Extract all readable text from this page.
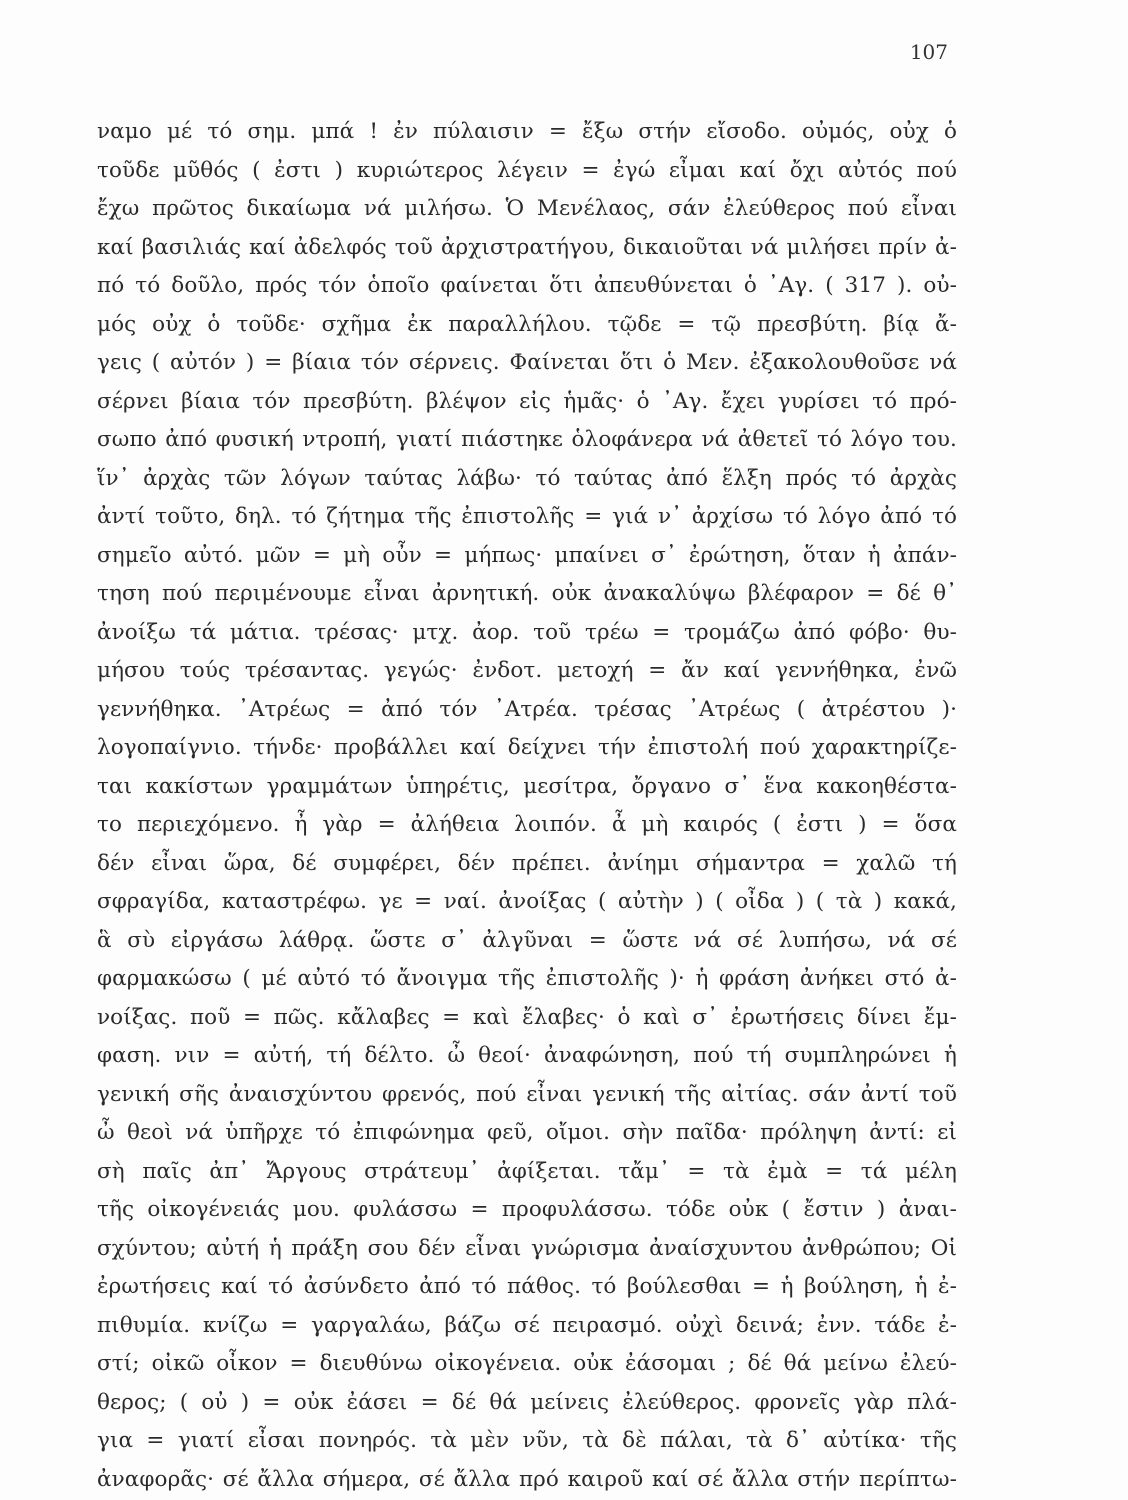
107
ναμο μέ τό σημ. μπά ! ἐν πύλαισιν = ἔξω στήν εἴσοδο. οὐμός, οὐχ ὁ
τοῦδε μῦθός ( ἐστι ) κυριώτερος λέγειν = ἐγώ εἶμαι καί ὄχι αὐτός πού
ἔχω πρῶτος δικαίωμα νά μιλήσω. Ὁ Μενέλαος, σάν ἐλεύθερος πού εἶναι
καί βασιλιάς καί ἀδελφός τοῦ ἀρχιστρατήγου, δικαιοῦται νά μιλήσει πρίν ἀ-
πό τό δοῦλο, πρός τόν ὁποῖο φαίνεται ὅτι ἀπευθύνεται ὁ ᾿Αγ. ( 317 ). οὐ-
μός οὐχ ὁ τοῦδε· σχῆμα ἐκ παραλλήλου. τῷδε = τῷ πρεσβύτη. βίᾳ ἄ-
γεις ( αὐτόν ) = βίαια τόν σέρνεις. Φαίνεται ὅτι ὁ Μεν. ἐξακολουθοῦσε νά
σέρνει βίαια τόν πρεσβύτη. βλέψον εἰς ἡμᾶς· ὁ ᾿Αγ. ἔχει γυρίσει τό πρό-
σωπο ἀπό φυσική ντροπή, γιατί πιάστηκε ὁλοφάνερα νά ἀθετεῖ τό λόγο του.
ἵν᾿ ἀρχὰς τῶν λόγων ταύτας λάβω· τό ταύτας ἀπό ἕλξη πρός τό ἀρχὰς
ἀντί τοῦτο, δηλ. τό ζήτημα τῆς ἐπιστολῆς = γιά ν᾿ ἀρχίσω τό λόγο ἀπό τό
σημεῖο αὐτό. μῶν = μὴ οὖν = μήπως· μπαίνει σ᾿ ἐρώτηση, ὅταν ἡ ἀπάν-
τηση πού περιμένουμε εἶναι ἀρνητική. οὐκ ἀνακαλύψω βλέφαρον = δέ θ᾿
ἀνοίξω τά μάτια. τρέσας· μτχ. ἀορ. τοῦ τρέω = τρομάζω ἀπό φόβο· θυ-
μήσου τούς τρέσαντας. γεγώς· ἐνδοτ. μετοχή = ἄν καί γεννήθηκα, ἐνῶ
γεννήθηκα. ᾿Ατρέως = ἀπό τόν ᾿Ατρέα. τρέσας ᾿Ατρέως ( ἀτρέστου )·
λογοπαίγνιο. τήνδε· προβάλλει καί δείχνει τήν ἐπιστολή πού χαρακτηρίζε-
ται κακίστων γραμμάτων ὑπηρέτις, μεσίτρα, ὄργανο σ᾿ ἕνα κακοηθέστα-
το περιεχόμενο. ἦ γὰρ = ἀλήθεια λοιπόν. ἆ μὴ καιρός ( ἐστι ) = ὅσα
δέν εἶναι ὥρα, δέ συμφέρει, δέν πρέπει. ἀνίημι σήμαντρα = χαλῶ τή
σφραγίδα, καταστρέφω. γε = ναί. ἀνοίξας ( αὐτὴν ) ( οἶδα ) ( τὰ ) κακά,
ἃ σὺ εἰργάσω λάθρᾳ. ὥστε σ᾿ ἀλγῦναι = ὥστε νά σέ λυπήσω, νά σέ
φαρμακώσω ( μέ αὐτό τό ἄνοιγμα τῆς ἐπιστολῆς )· ἡ φράση ἀνήκει στό ἀ-
νοίξας. ποῦ = πῶς. κἄλαβες = καὶ ἔλαβες· ὁ καὶ σ᾿ ἐρωτήσεις δίνει ἔμ-
φαση. νιν = αὐτή, τή δέλτο. ὦ θεοί· ἀναφώνηση, πού τή συμπληρώνει ἡ
γενική σῆς ἀναισχύντου φρενός, πού εἶναι γενική τῆς αἰτίας. σάν ἀντί τοῦ
ὦ θεοὶ νά ὑπῆρχε τό ἐπιφώνημα φεῦ, οἴμοι. σὴν παῖδα· πρόληψη ἀντί: εἰ
σὴ παῖς ἀπ᾿ Ἄργους στράτευμ᾿ ἀφίξεται. τἄμ᾿ = τὰ ἐμὰ = τά μέλη
τῆς οἰκογένειάς μου. φυλάσσω = προφυλάσσω. τόδε οὐκ ( ἔστιν ) ἀναι-
σχύντου; αὐτή ἡ πράξη σου δέν εἶναι γνώρισμα ἀναίσχυντου ἀνθρώπου; Οἱ
ἐρωτήσεις καί τό ἀσύνδετο ἀπό τό πάθος. τό βούλεσθαι = ἡ βούληση, ἡ ἐ-
πιθυμία. κνίζω = γαργαλάω, βάζω σέ πειρασμό. οὐχὶ δεινά; ἐνν. τάδε ἐ-
στί; οἰκῶ οἶκον = διευθύνω οἰκογένεια. οὐκ ἐάσομαι ; δέ θά μείνω ἐλεύ-
θερος; ( οὐ ) = οὐκ ἐάσει = δέ θά μείνεις ἐλεύθερος. φρονεῖς γὰρ πλά-
για = γιατί εἶσαι πονηρός. τὰ μὲν νῦν, τὰ δὲ πάλαι, τὰ δ᾿ αὐτίκα· τῆς
ἀναφορᾶς· σέ ἄλλα σήμερα, σέ ἄλλα πρό καιροῦ καί σέ ἄλλα στήν περίπτω-
